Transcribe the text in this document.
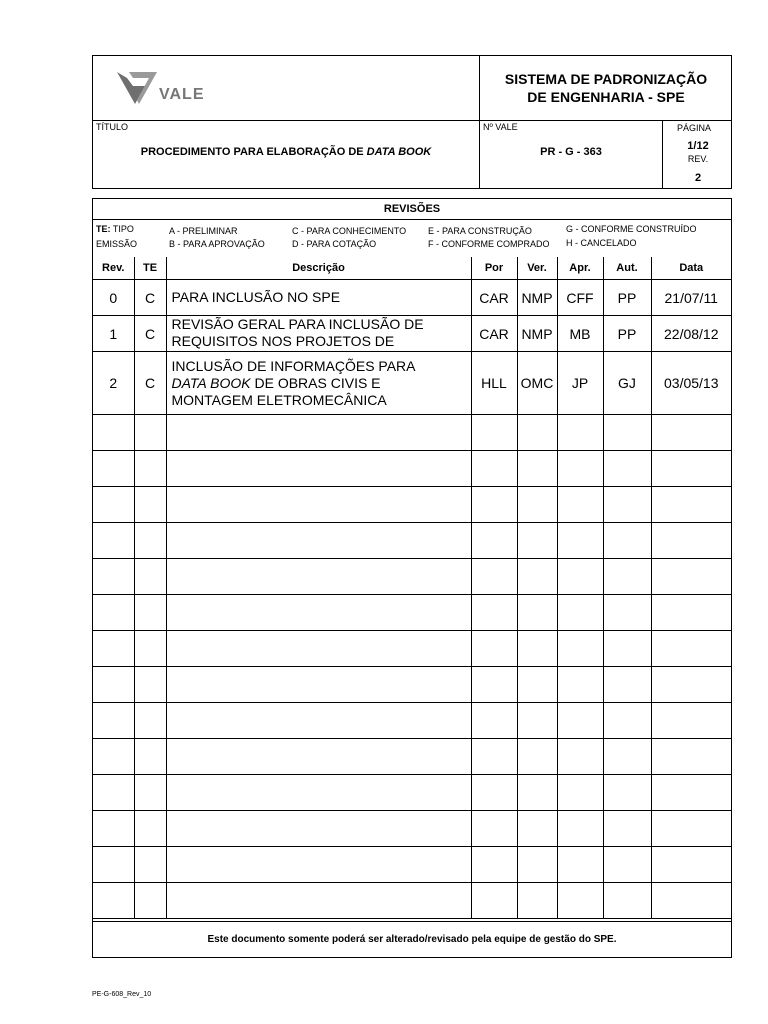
VALE
SISTEMA DE PADRONIZAÇÃO
DE ENGENHARIA - SPE
TÍTULO	Nº VALE	PÁGINA
PROCEDIMENTO PARA ELABORAÇÃO DE DATA BOOK	PR - G - 363	1/12
REV.
2
REVISÕES
TE: TIPO
EMISSÃO
A - PRELIMINAR
B - PARA APROVAÇÃO
C - PARA CONHECIMENTO
D - PARA COTAÇÃO
E - PARA CONSTRUÇÃO
F - CONFORME COMPRADO
G - CONFORME CONSTRUÍDO
H - CANCELADO
Rev.	TE	Descrição	Por	Ver.	Apr.	Aut.	Data
0	C	PARA INCLUSÃO NO SPE	CAR	NMP	CFF	PP	21/07/11
1	C	REVISÃO GERAL PARA INCLUSÃO DE
REQUISITOS NOS PROJETOS DE	CAR	NMP	MB	PP	22/08/12
2	C	INCLUSÃO DE INFORMAÇÕES PARA
DATA BOOK DE OBRAS CIVIS E
MONTAGEM ELETROMECÂNICA	HLL	OMC	JP	GJ	03/05/13

Este documento somente poderá ser alterado/revisado pela equipe de gestão do SPE.
PE-G-608_Rev_10
